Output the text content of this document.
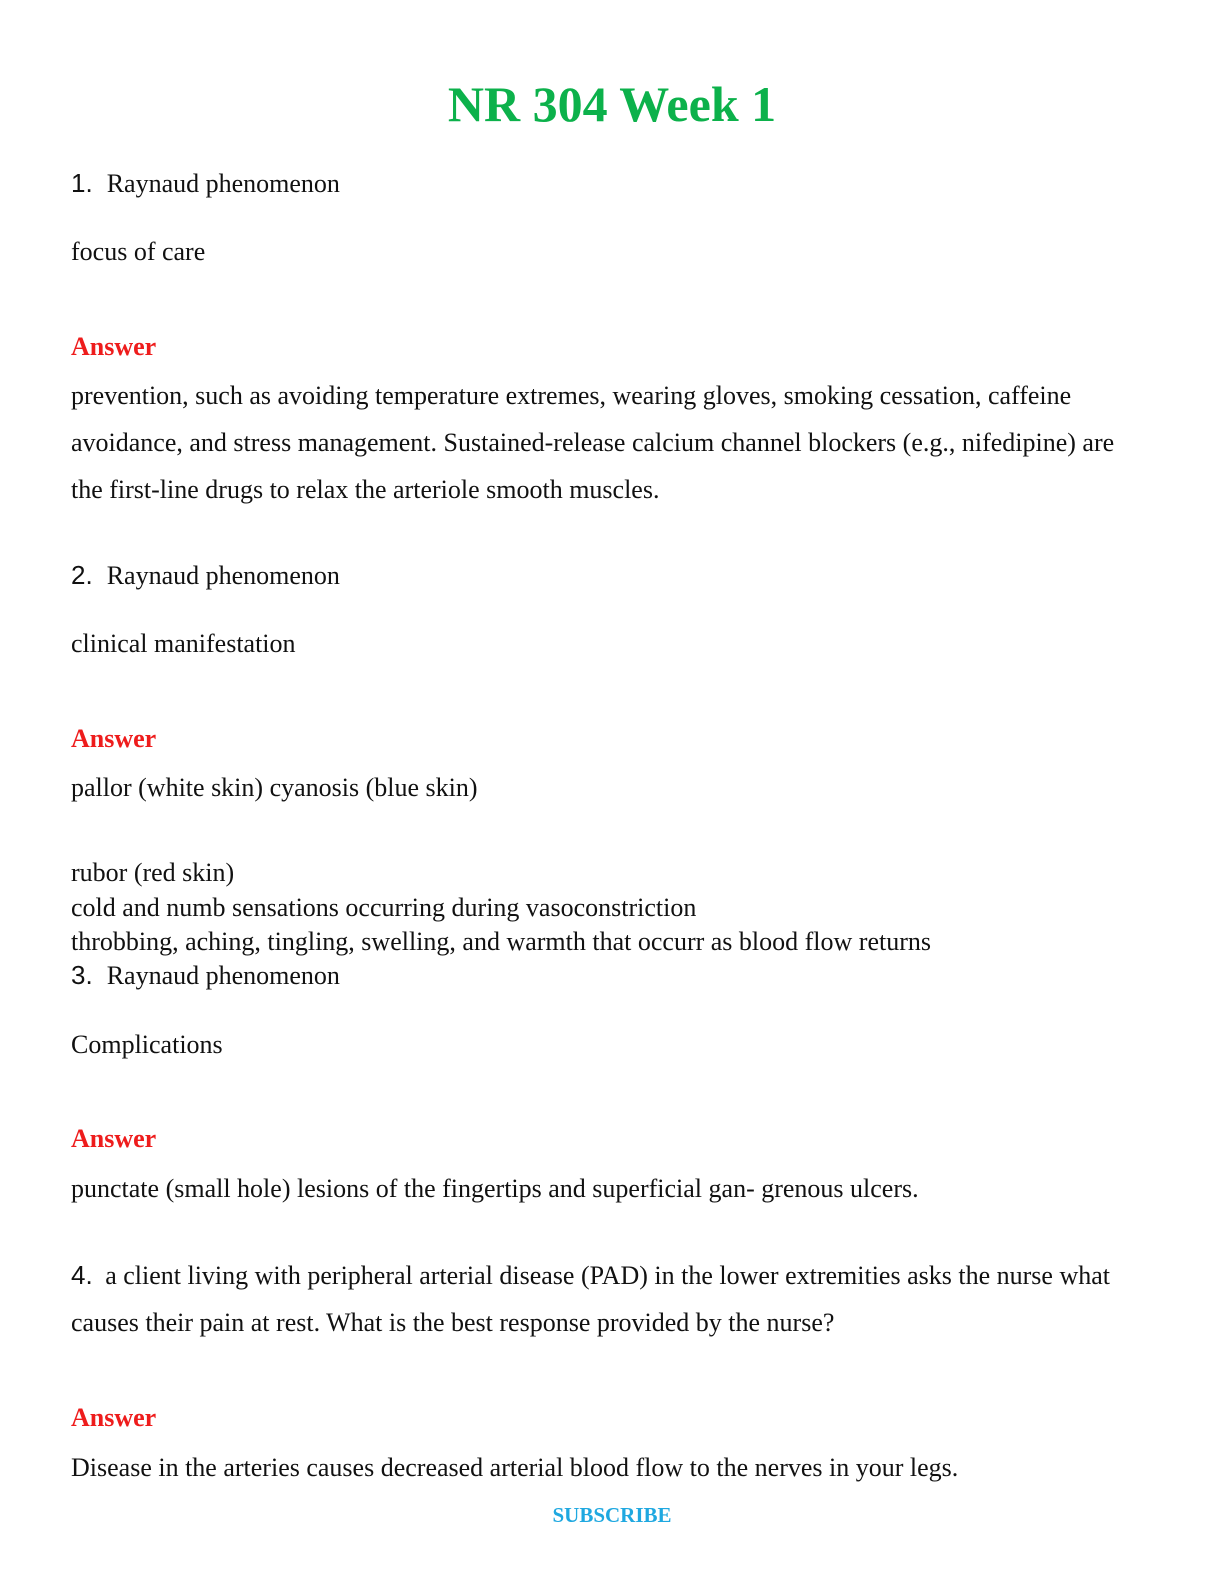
NR 304 Week 1
1. Raynaud phenomenon
focus of care
Answer
prevention, such as avoiding temperature extremes, wearing gloves, smoking cessation, caffeine avoidance, and stress management. Sustained-release calcium channel blockers (e.g., nifedipine) are the first-line drugs to relax the arteriole smooth muscles.
2. Raynaud phenomenon
clinical manifestation
Answer
pallor (white skin) cyanosis (blue skin)
rubor (red skin)
cold and numb sensations occurring during vasoconstriction
throbbing, aching, tingling, swelling, and warmth that occurr as blood flow returns
3. Raynaud phenomenon
Complications
Answer
punctate (small hole) lesions of the fingertips and superficial gan- grenous ulcers.
4. a client living with peripheral arterial disease (PAD) in the lower extremities asks the nurse what causes their pain at rest. What is the best response provided by the nurse?
Answer
Disease in the arteries causes decreased arterial blood flow to the nerves in your legs.
SUBSCRIBE
